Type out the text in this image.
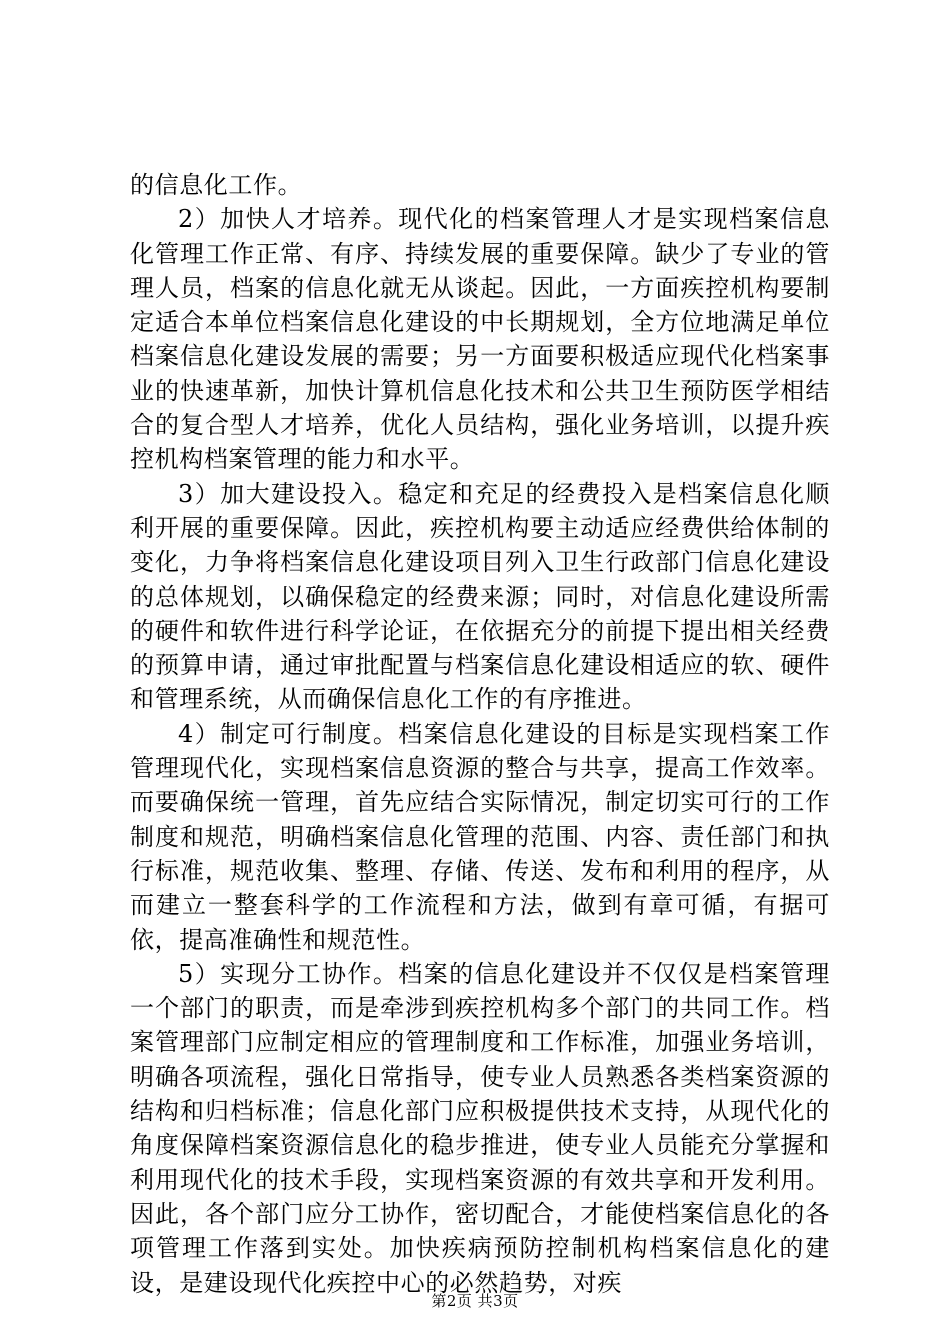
的信息化工作。

2）加快人才培养。现代化的档案管理人才是实现档案信息化管理工作正常、有序、持续发展的重要保障。缺少了专业的管理人员，档案的信息化就无从谈起。因此，一方面疾控机构要制定适合本单位档案信息化建设的中长期规划，全方位地满足单位档案信息化建设发展的需要；另一方面要积极适应现代化档案事业的快速革新，加快计算机信息化技术和公共卫生预防医学相结合的复合型人才培养，优化人员结构，强化业务培训，以提升疾控机构档案管理的能力和水平。

3）加大建设投入。稳定和充足的经费投入是档案信息化顺利开展的重要保障。因此，疾控机构要主动适应经费供给体制的变化，力争将档案信息化建设项目列入卫生行政部门信息化建设的总体规划，以确保稳定的经费来源；同时，对信息化建设所需的硬件和软件进行科学论证，在依据充分的前提下提出相关经费的预算申请，通过审批配置与档案信息化建设相适应的软、硬件和管理系统，从而确保信息化工作的有序推进。

4）制定可行制度。档案信息化建设的目标是实现档案工作管理现代化，实现档案信息资源的整合与共享，提高工作效率。而要确保统一管理，首先应结合实际情况，制定切实可行的工作制度和规范，明确档案信息化管理的范围、内容、责任部门和执行标准，规范收集、整理、存储、传送、发布和利用的程序，从而建立一整套科学的工作流程和方法，做到有章可循，有据可依，提高准确性和规范性。

5）实现分工协作。档案的信息化建设并不仅仅是档案管理一个部门的职责，而是牵涉到疾控机构多个部门的共同工作。档案管理部门应制定相应的管理制度和工作标准，加强业务培训，明确各项流程，强化日常指导，使专业人员熟悉各类档案资源的结构和归档标准；信息化部门应积极提供技术支持，从现代化的角度保障档案资源信息化的稳步推进，使专业人员能充分掌握和利用现代化的技术手段，实现档案资源的有效共享和开发利用。因此，各个部门应分工协作，密切配合，才能使档案信息化的各项管理工作落到实处。加快疾病预防控制机构档案信息化的建设，是建设现代化疾控中心的必然趋势，对疾

第2页 共3页
